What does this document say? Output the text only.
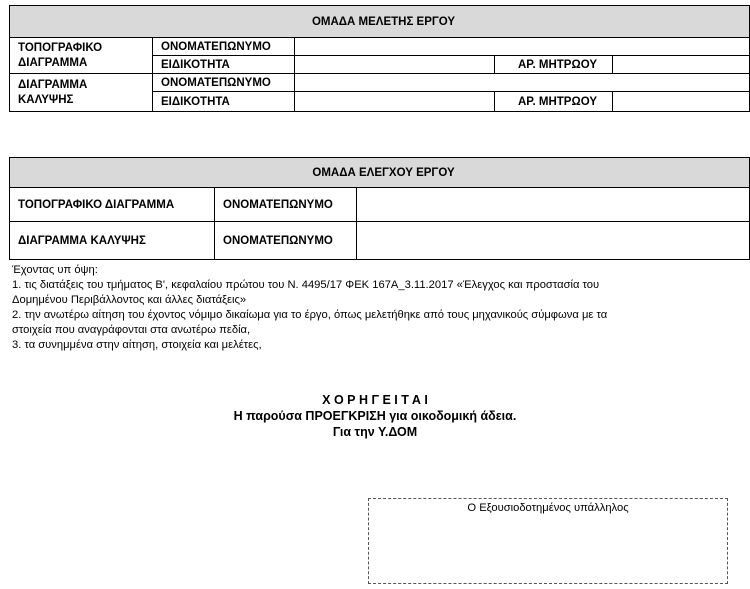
ΟΜΑΔΑ ΜΕΛΕΤΗΣ ΕΡΓΟΥ				
ΤΟΠΟΓΡΑΦΙΚΟ
ΔΙΑΓΡΑΜΜΑ	ΟΝΟΜΑΤΕΠΩΝΥΜΟ			
	ΕΙΔΙΚΟΤΗΤΑ		ΑΡ. ΜΗΤΡΩΟΥ	
ΔΙΑΓΡΑΜΜΑ
ΚΑΛΥΨΗΣ	ΟΝΟΜΑΤΕΠΩΝΥΜΟ			
	ΕΙΔΙΚΟΤΗΤΑ		ΑΡ. ΜΗΤΡΩΟΥ	
ΟΜΑΔΑ ΕΛΕΓΧΟΥ ΕΡΓΟΥ		
ΤΟΠΟΓΡΑΦΙΚΟ ΔΙΑΓΡΑΜΜΑ	ΟΝΟΜΑΤΕΠΩΝΥΜΟ	
ΔΙΑΓΡΑΜΜΑ ΚΑΛΥΨΗΣ	ΟΝΟΜΑΤΕΠΩΝΥΜΟ	
Έχοντας υπ όψη:
1. τις διατάξεις του τμήματος Β', κεφαλαίου πρώτου του Ν. 4495/17 ΦΕΚ 167Α_3.11.2017 «Έλεγχος και προστασία του
Δομημένου Περιβάλλοντος και άλλες διατάξεις»
2. την ανωτέρω αίτηση του έχοντος νόμιμο δικαίωμα για το έργο, όπως μελετήθηκε από τους μηχανικούς σύμφωνα με τα
στοιχεία που αναγράφονται στα ανωτέρω πεδία,
3. τα συνημμένα στην αίτηση, στοιχεία και μελέτες,
Χ Ο Ρ Η Γ Ε Ι Τ Α Ι
Η παρούσα ΠΡΟΕΓΚΡΙΣΗ για οικοδομική άδεια.
Για την Υ.ΔΟΜ
Ο Εξουσιοδοτημένος υπάλληλος
